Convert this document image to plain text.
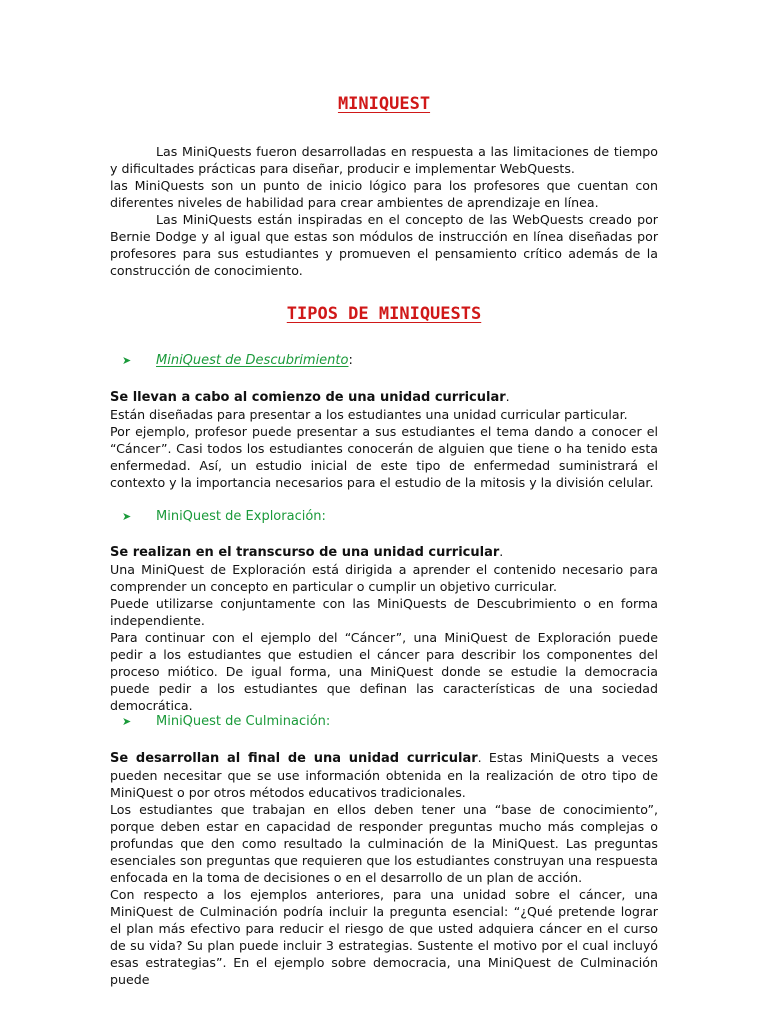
MINIQUEST

Las MiniQuests fueron desarrolladas en respuesta a las limitaciones de tiempo y dificultades prácticas para diseñar, producir e implementar WebQuests.

las MiniQuests son un punto de inicio lógico para los profesores que cuentan con diferentes niveles de habilidad para crear ambientes de aprendizaje en línea.

Las MiniQuests están inspiradas en el concepto de las WebQuests creado por Bernie Dodge y al igual que estas son módulos de instrucción en línea diseñadas por profesores para sus estudiantes y promueven el pensamiento crítico además de la construcción de conocimiento.

TIPOS DE MINIQUESTS
➤	MiniQuest de Descubrimiento :

Se llevan a cabo al comienzo de una unidad curricular.

Están diseñadas para presentar a los estudiantes una unidad curricular particular.

Por ejemplo, profesor puede presentar a sus estudiantes el tema dando a conocer el “Cáncer”. Casi todos los estudiantes conocerán de alguien que tiene o ha tenido esta enfermedad. Así, un estudio inicial de este tipo de enfermedad suministrará el contexto y la importancia necesarios para el estudio de la mitosis y la división celular.

➤	MiniQuest de Exploración:

Se realizan en el transcurso de una unidad curricular.

Una MiniQuest de Exploración está dirigida a aprender el contenido necesario para comprender un concepto en particular o cumplir un objetivo curricular.

Puede utilizarse conjuntamente con las MiniQuests de Descubrimiento o en forma independiente.

Para continuar con el ejemplo del “Cáncer”, una MiniQuest de Exploración puede pedir a los estudiantes que estudien el cáncer para describir los componentes del proceso miótico. De igual forma, una MiniQuest donde se estudie la democracia puede pedir a los estudiantes que definan las características de una sociedad democrática.

➤	MiniQuest de Culminación:

Se desarrollan al final de una unidad curricular. Estas MiniQuests a veces pueden necesitar que se use información obtenida en la realización de otro tipo de MiniQuest o por otros métodos educativos tradicionales.

Los estudiantes que trabajan en ellos deben tener una “base de conocimiento”, porque deben estar en capacidad de responder preguntas mucho más complejas o profundas que den como resultado la culminación de la MiniQuest. Las preguntas esenciales son preguntas que requieren que los estudiantes construyan una respuesta enfocada en la toma de decisiones o en el desarrollo de un plan de acción.

Con respecto a los ejemplos anteriores, para una unidad sobre el cáncer, una MiniQuest de Culminación podría incluir la pregunta esencial: “¿Qué pretende lograr el plan más efectivo para reducir el riesgo de que usted adquiera cáncer en el curso de su vida? Su plan puede incluir 3 estrategias. Sustente el motivo por el cual incluyó esas estrategias”. En el ejemplo sobre democracia, una MiniQuest de Culminación puede
